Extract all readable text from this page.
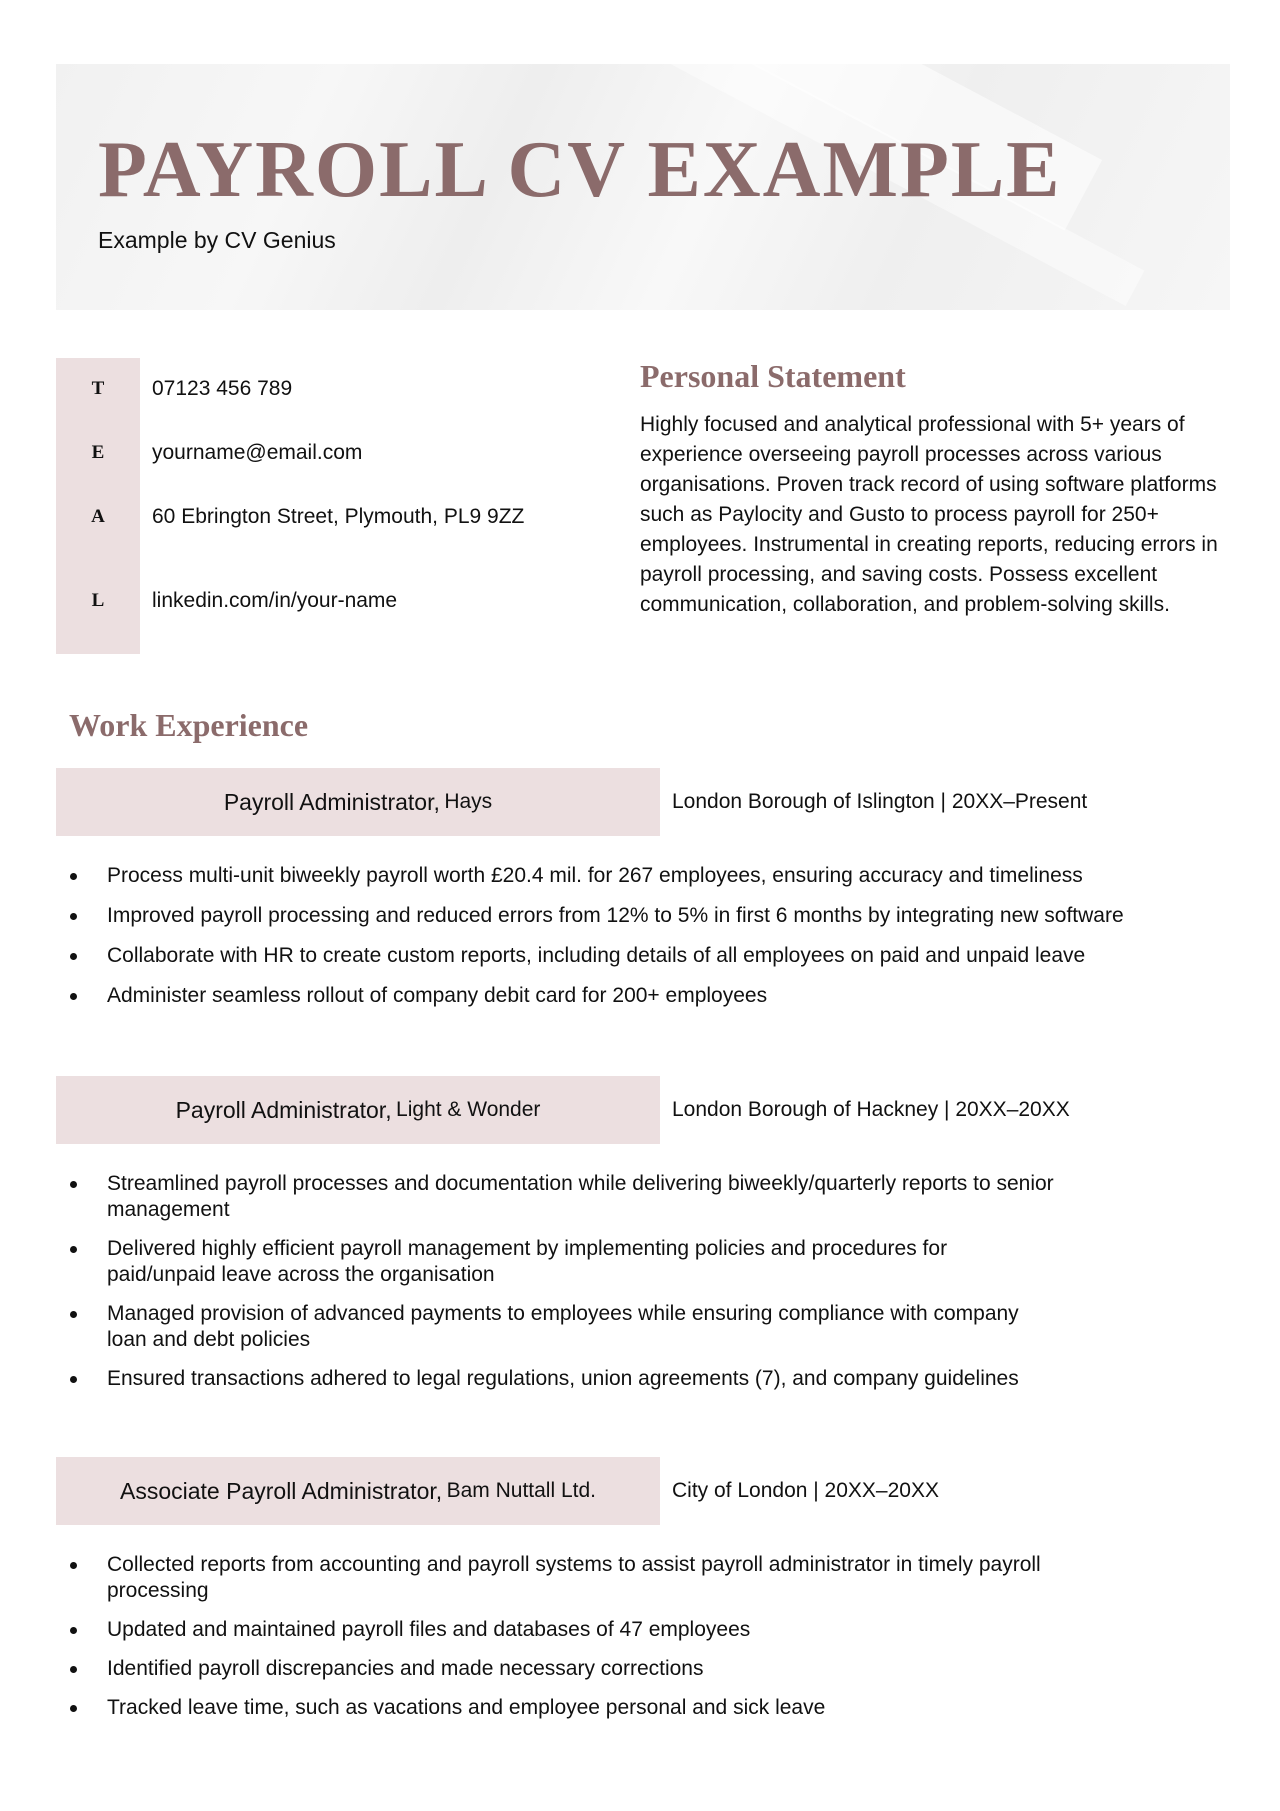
PAYROLL CV EXAMPLE
Example by CV Genius
T	07123 456 789
E	yourname@email.com
A	60 Ebrington Street, Plymouth, PL9 9ZZ
L	linkedin.com/in/your-name
Personal Statement

Highly focused and analytical professional with 5+ years of experience overseeing payroll processes across various organisations. Proven track record of using software platforms such as Paylocity and Gusto to process payroll for 250+ employees. Instrumental in creating reports, reducing errors in payroll processing, and saving costs. Possess excellent communication, collaboration, and problem-solving skills.

Work Experience
Payroll Administrator,
Hays	London Borough of Islington | 20XX–Present
Process multi-unit biweekly payroll worth £20.4 mil. for 267 employees, ensuring accuracy and timeliness
Improved payroll processing and reduced errors from 12% to 5% in first 6 months by integrating new software
Collaborate with HR to create custom reports, including details of all employees on paid and unpaid leave
Administer seamless rollout of company debit card for 200+ employees
Payroll Administrator,
Light & Wonder	London Borough of Hackney | 20XX–20XX
Streamlined payroll processes and documentation while delivering biweekly/quarterly reports to senior management
Delivered highly efficient payroll management by implementing policies and procedures for paid/unpaid leave across the organisation
Managed provision of advanced payments to employees while ensuring compliance with company loan and debt policies
Ensured transactions adhered to legal regulations, union agreements (7), and company guidelines
Associate Payroll Administrator,
Bam Nuttall Ltd.	City of London | 20XX–20XX
Collected reports from accounting and payroll systems to assist payroll administrator in timely payroll processing
Updated and maintained payroll files and databases of 47 employees
Identified payroll discrepancies and made necessary corrections
Tracked leave time, such as vacations and employee personal and sick leave
